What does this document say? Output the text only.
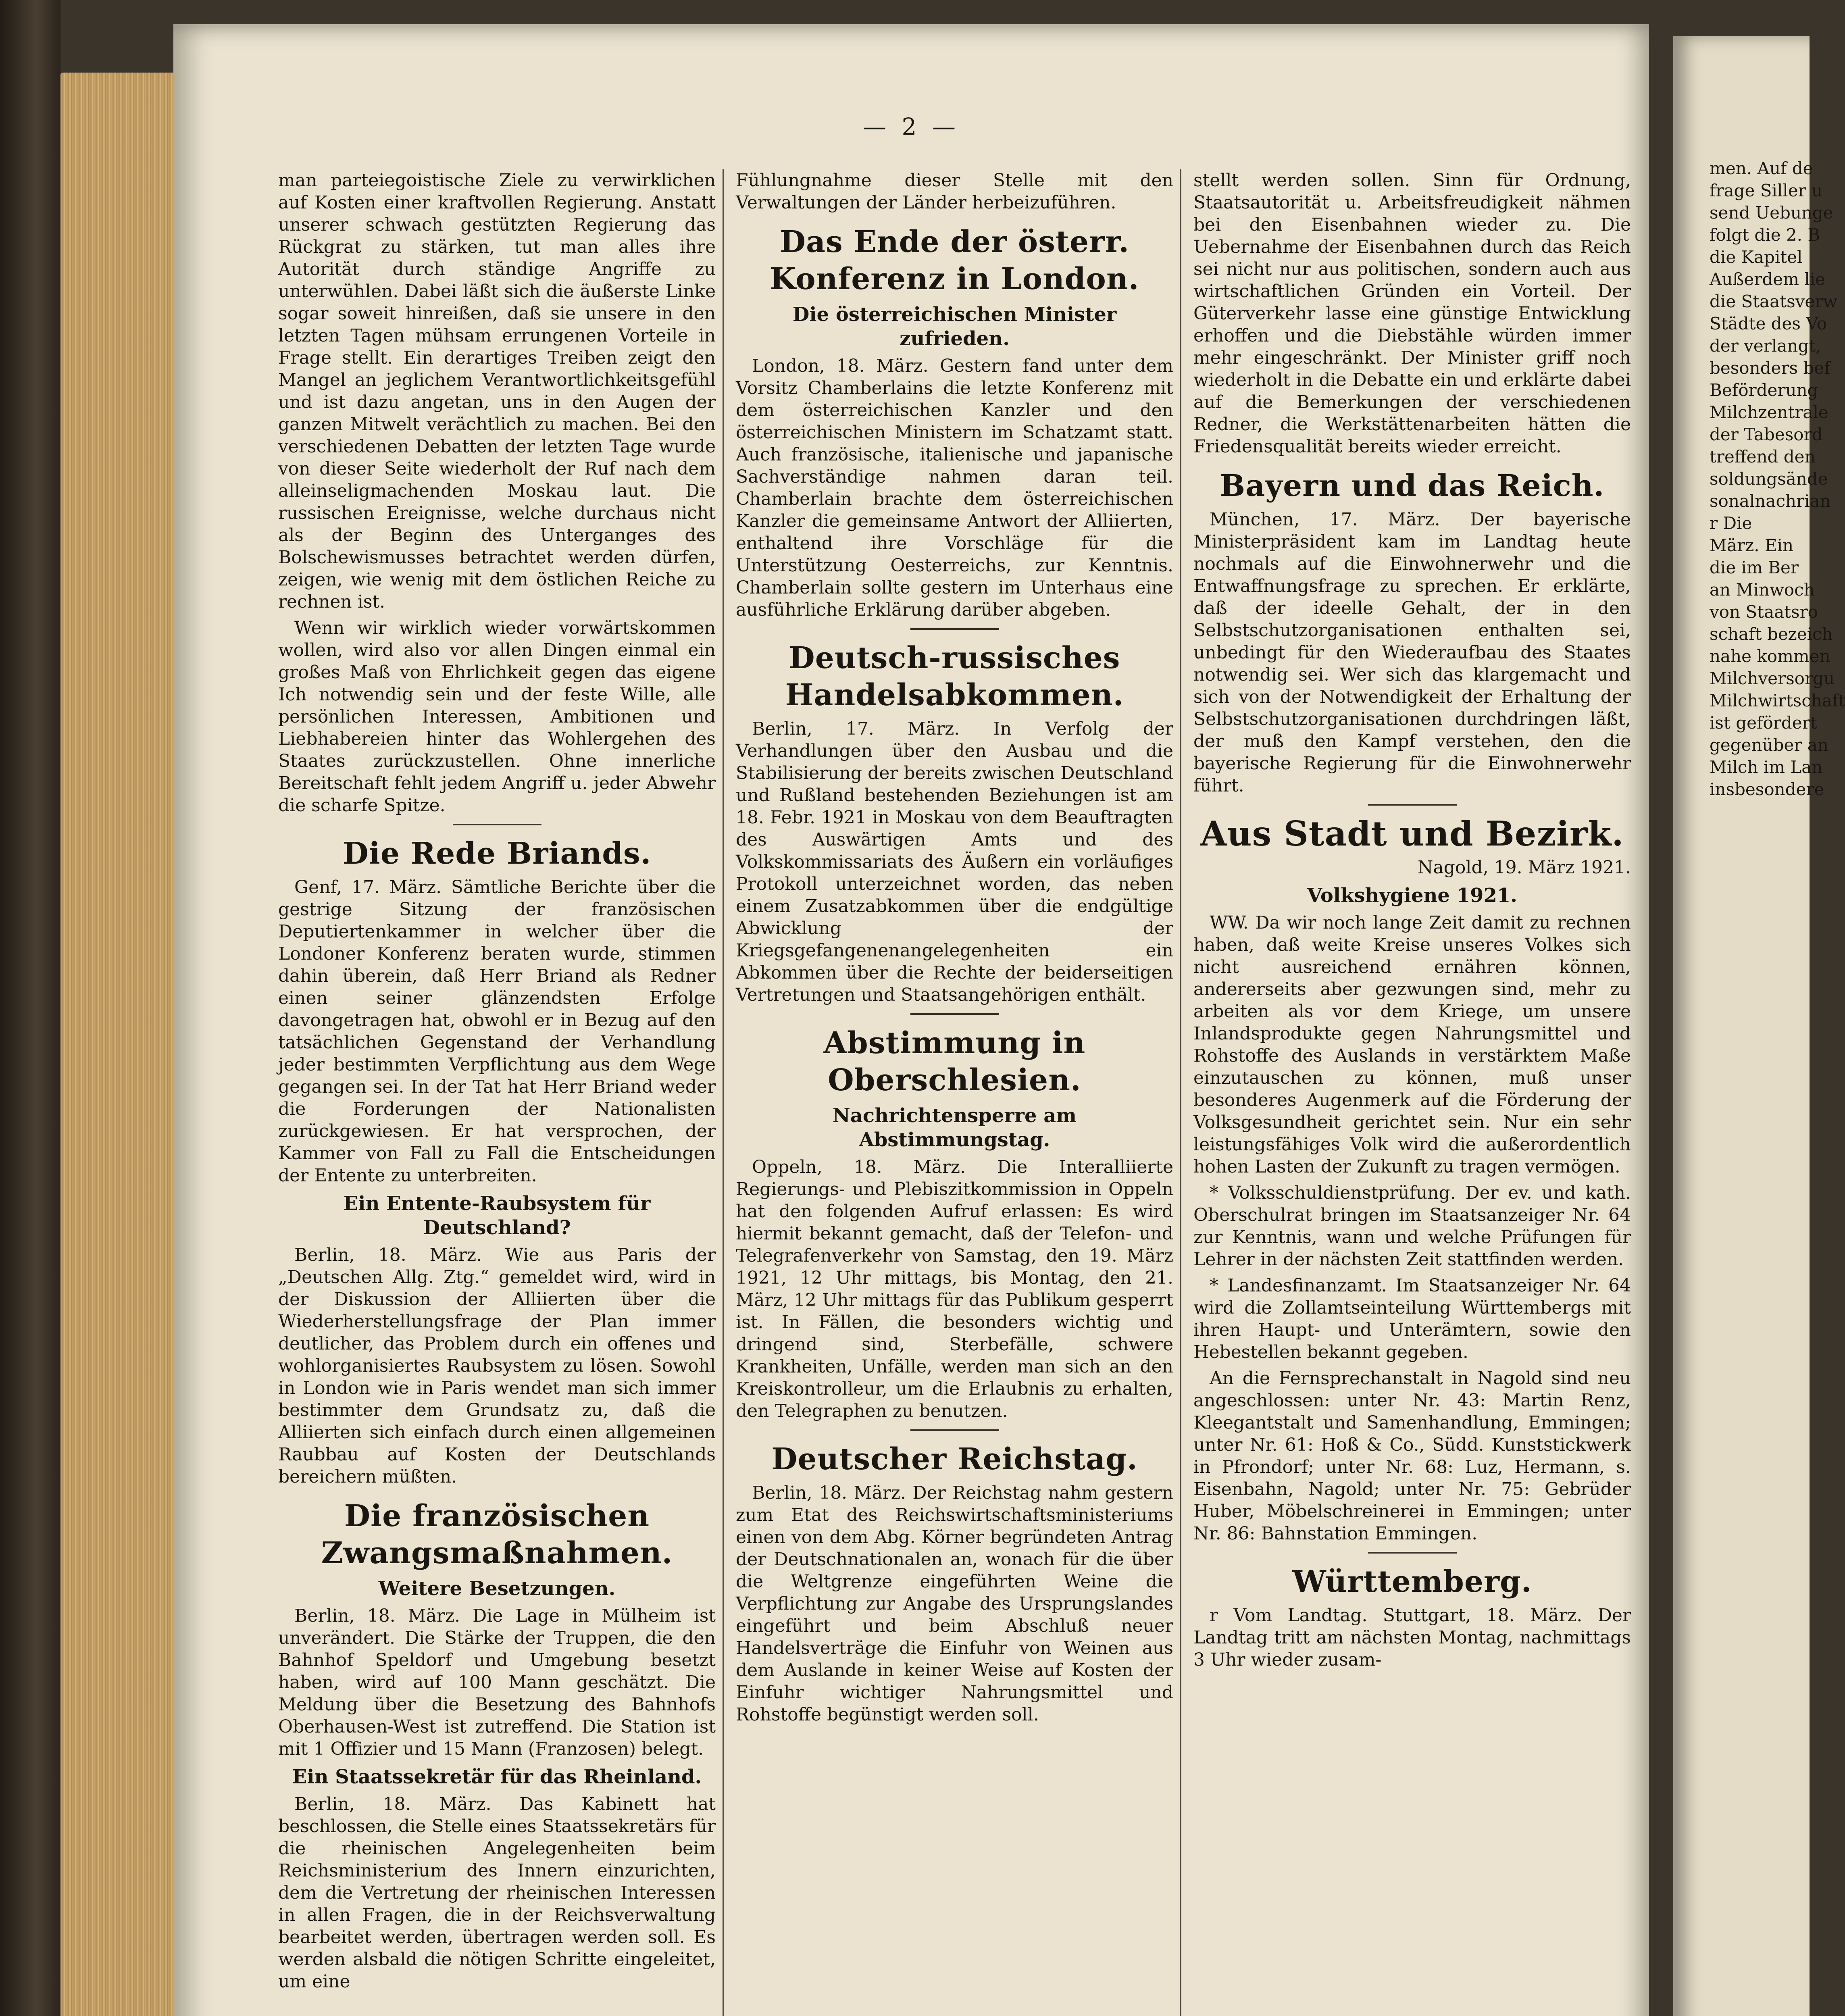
— 2 —

man parteiegoistische Ziele zu verwirklichen auf Kosten einer kraftvollen Regierung. Anstatt unserer schwach gestützten Regierung das Rückgrat zu stärken, tut man alles ihre Autorität durch ständige Angriffe zu unterwühlen. Dabei läßt sich die äußerste Linke sogar soweit hinreißen, daß sie unsere in den letzten Tagen mühsam errungenen Vorteile in Frage stellt. Ein derartiges Treiben zeigt den Mangel an jeglichem Verantwortlichkeitsgefühl und ist dazu angetan, uns in den Augen der ganzen Mitwelt verächtlich zu machen. Bei den verschiedenen Debatten der letzten Tage wurde von dieser Seite wiederholt der Ruf nach dem alleinseligmachenden Moskau laut. Die russischen Ereignisse, welche durchaus nicht als der Beginn des Unterganges des Bolschewismusses betrachtet werden dürfen, zeigen, wie wenig mit dem östlichen Reiche zu rechnen ist.

Wenn wir wirklich wieder vorwärtskommen wollen, wird also vor allen Dingen einmal ein großes Maß von Ehrlichkeit gegen das eigene Ich notwendig sein und der feste Wille, alle persönlichen Interessen, Ambitionen und Liebhabereien hinter das Wohlergehen des Staates zurückzustellen. Ohne innerliche Bereitschaft fehlt jedem Angriff u. jeder Abwehr die scharfe Spitze.

Die Rede Briands.

Genf, 17. März. Sämtliche Berichte über die gestrige Sitzung der französischen Deputiertenkammer in welcher über die Londoner Konferenz beraten wurde, stimmen dahin überein, daß Herr Briand als Redner einen seiner glänzendsten Erfolge davongetragen hat, obwohl er in Bezug auf den tatsächlichen Gegenstand der Verhandlung jeder bestimmten Verpflichtung aus dem Wege gegangen sei. In der Tat hat Herr Briand weder die Forderungen der Nationalisten zurückgewiesen. Er hat versprochen, der Kammer von Fall zu Fall die Entscheidungen der Entente zu unterbreiten.

Ein Entente-Raubsystem für Deutschland?

Berlin, 18. März. Wie aus Paris der „Deutschen Allg. Ztg.“ gemeldet wird, wird in der Diskussion der Alliierten über die Wiederherstellungsfrage der Plan immer deutlicher, das Problem durch ein offenes und wohlorganisiertes Raubsystem zu lösen. Sowohl in London wie in Paris wendet man sich immer bestimmter dem Grundsatz zu, daß die Alliierten sich einfach durch einen allgemeinen Raubbau auf Kosten der Deutschlands bereichern müßten.

Die französischen Zwangsmaßnahmen.
Weitere Besetzungen.

Berlin, 18. März. Die Lage in Mülheim ist unverändert. Die Stärke der Truppen, die den Bahnhof Speldorf und Umgebung besetzt haben, wird auf 100 Mann geschätzt. Die Meldung über die Besetzung des Bahnhofs Oberhausen-West ist zutreffend. Die Station ist mit 1 Offizier und 15 Mann (Franzosen) belegt.

Ein Staatssekretär für das Rheinland.

Berlin, 18. März. Das Kabinett hat beschlossen, die Stelle eines Staatssekretärs für die rheinischen Angelegenheiten beim Reichsministerium des Innern einzurichten, dem die Vertretung der rheinischen Interessen in allen Fragen, die in der Reichsverwaltung bearbeitet werden, übertragen werden soll. Es werden alsbald die nötigen Schritte eingeleitet, um eine

Fühlungnahme dieser Stelle mit den Verwaltungen der Länder herbeizuführen.

Das Ende der österr. Konferenz in London.
Die österreichischen Minister zufrieden.

London, 18. März. Gestern fand unter dem Vorsitz Chamberlains die letzte Konferenz mit dem österreichischen Kanzler und den österreichischen Ministern im Schatzamt statt. Auch französische, italienische und japanische Sachverständige nahmen daran teil. Chamberlain brachte dem österreichischen Kanzler die gemeinsame Antwort der Alliierten, enthaltend ihre Vorschläge für die Unterstützung Oesterreichs, zur Kenntnis. Chamberlain sollte gestern im Unterhaus eine ausführliche Erklärung darüber abgeben.

Deutsch-russisches Handelsabkommen.

Berlin, 17. März. In Verfolg der Verhandlungen über den Ausbau und die Stabilisierung der bereits zwischen Deutschland und Rußland bestehenden Beziehungen ist am 18. Febr. 1921 in Moskau von dem Beauftragten des Auswärtigen Amts und des Volkskommissariats des Äußern ein vorläufiges Protokoll unterzeichnet worden, das neben einem Zusatzabkommen über die endgültige Abwicklung der Kriegsgefangenenangelegenheiten ein Abkommen über die Rechte der beiderseitigen Vertretungen und Staatsangehörigen enthält.

Abstimmung in Oberschlesien.
Nachrichtensperre am Abstimmungstag.

Oppeln, 18. März. Die Interalliierte Regierungs- und Plebiszitkommission in Oppeln hat den folgenden Aufruf erlassen: Es wird hiermit bekannt gemacht, daß der Telefon- und Telegrafenverkehr von Samstag, den 19. März 1921, 12 Uhr mittags, bis Montag, den 21. März, 12 Uhr mittags für das Publikum gesperrt ist. In Fällen, die besonders wichtig und dringend sind, Sterbefälle, schwere Krankheiten, Unfälle, werden man sich an den Kreiskontrolleur, um die Erlaubnis zu erhalten, den Telegraphen zu benutzen.

Deutscher Reichstag.

Berlin, 18. März. Der Reichstag nahm gestern zum Etat des Reichswirtschaftsministeriums einen von dem Abg. Körner begründeten Antrag der Deutschnationalen an, wonach für die über die Weltgrenze eingeführten Weine die Verpflichtung zur Angabe des Ursprungslandes eingeführt und beim Abschluß neuer Handelsverträge die Einfuhr von Weinen aus dem Auslande in keiner Weise auf Kosten der Einfuhr wichtiger Nahrungsmittel und Rohstoffe begünstigt werden soll.

stellt werden sollen. Sinn für Ordnung, Staatsautorität u. Arbeitsfreudigkeit nähmen bei den Eisenbahnen wieder zu. Die Uebernahme der Eisenbahnen durch das Reich sei nicht nur aus politischen, sondern auch aus wirtschaftlichen Gründen ein Vorteil. Der Güterverkehr lasse eine günstige Entwicklung erhoffen und die Diebstähle würden immer mehr eingeschränkt. Der Minister griff noch wiederholt in die Debatte ein und erklärte dabei auf die Bemerkungen der verschiedenen Redner, die Werkstättenarbeiten hätten die Friedensqualität bereits wieder erreicht.

Bayern und das Reich.

München, 17. März. Der bayerische Ministerpräsident kam im Landtag heute nochmals auf die Einwohnerwehr und die Entwaffnungsfrage zu sprechen. Er erklärte, daß der ideelle Gehalt, der in den Selbstschutzorganisationen enthalten sei, unbedingt für den Wiederaufbau des Staates notwendig sei. Wer sich das klargemacht und sich von der Notwendigkeit der Erhaltung der Selbstschutzorganisationen durchdringen läßt, der muß den Kampf verstehen, den die bayerische Regierung für die Einwohnerwehr führt.

Aus Stadt und Bezirk.
Nagold, 19. März 1921.
Volkshygiene 1921.

WW. Da wir noch lange Zeit damit zu rechnen haben, daß weite Kreise unseres Volkes sich nicht ausreichend ernähren können, andererseits aber gezwungen sind, mehr zu arbeiten als vor dem Kriege, um unsere Inlandsprodukte gegen Nahrungsmittel und Rohstoffe des Auslands in verstärktem Maße einzutauschen zu können, muß unser besonderes Augenmerk auf die Förderung der Volksgesundheit gerichtet sein. Nur ein sehr leistungsfähiges Volk wird die außerordentlich hohen Lasten der Zukunft zu tragen vermögen.

* Volksschuldienstprüfung. Der ev. und kath. Oberschulrat bringen im Staatsanzeiger Nr. 64 zur Kenntnis, wann und welche Prüfungen für Lehrer in der nächsten Zeit stattfinden werden.

* Landesfinanzamt. Im Staatsanzeiger Nr. 64 wird die Zollamtseinteilung Württembergs mit ihren Haupt- und Unterämtern, sowie den Hebestellen bekannt gegeben.

An die Fernsprechanstalt in Nagold sind neu angeschlossen: unter Nr. 43: Martin Renz, Kleegantstalt und Samenhandlung, Emmingen; unter Nr. 61: Hoß & Co., Südd. Kunststickwerk in Pfrondorf; unter Nr. 68: Luz, Hermann, s. Eisenbahn, Nagold; unter Nr. 75: Gebrüder Huber, Möbelschreinerei in Emmingen; unter Nr. 86: Bahnstation Emmingen.

Württemberg.

r Vom Landtag. Stuttgart, 18. März. Der Landtag tritt am nächsten Montag, nachmittags 3 Uhr wieder zusam-

men. Auf de
frage Siller u
send Uebunge
folgt die 2. B
die Kapitel
Außerdem lie
die Staatsverw
Städte des Vo
der verlangt,
besonders bef
Beförderung
Milchzentrale
der Tabesord
treffend den
soldungsände
sonalnachrian
r Die
März. Ein
die im Ber
an Minwoch
von Staatsro
schaft bezeich
nahe kommen
Milchversorgu
Milchwirtschaft
ist gefördert
gegenüber an
Milch im Lan
insbesondere
